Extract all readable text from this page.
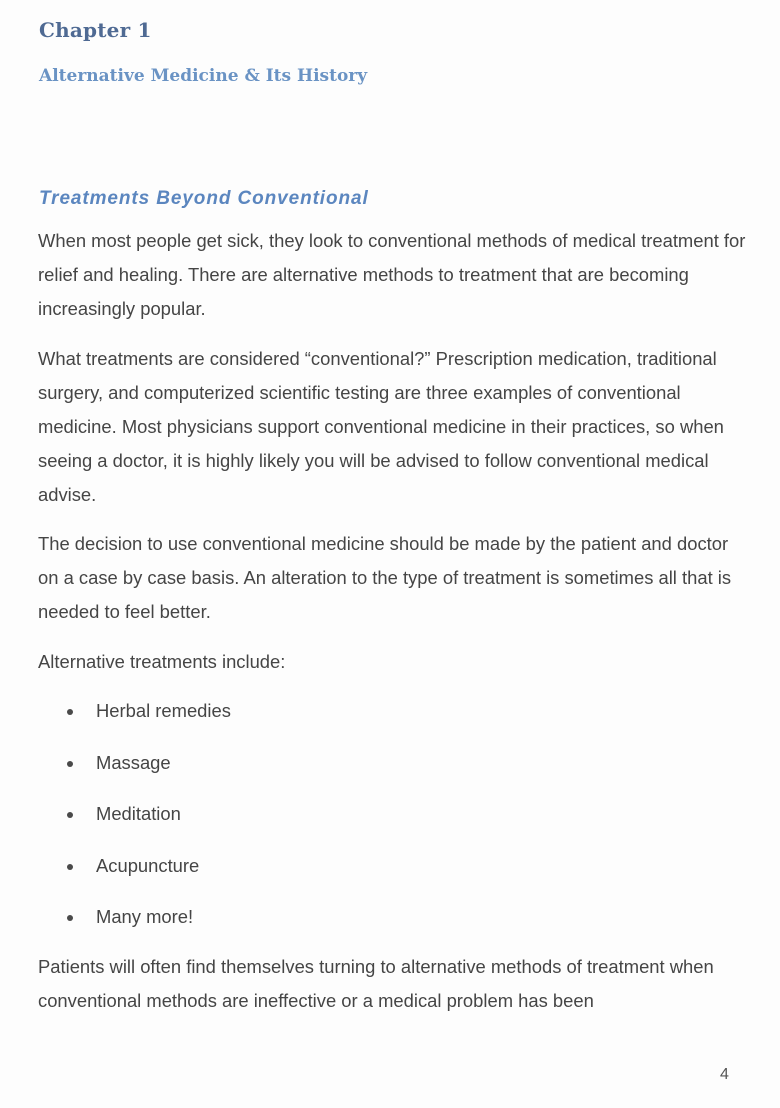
Chapter 1
Alternative Medicine & Its History
Treatments Beyond Conventional
When most people get sick, they look to conventional methods of medical treatment for relief and healing. There are alternative methods to treatment that are becoming increasingly popular.
What treatments are considered “conventional?” Prescription medication, traditional surgery, and computerized scientific testing are three examples of conventional medicine. Most physicians support conventional medicine in their practices, so when seeing a doctor, it is highly likely you will be advised to follow conventional medical advise.
The decision to use conventional medicine should be made by the patient and doctor on a case by case basis. An alteration to the type of treatment is sometimes all that is needed to feel better.
Alternative treatments include:
Herbal remedies
Massage
Meditation
Acupuncture
Many more!
Patients will often find themselves turning to alternative methods of treatment when conventional methods are ineffective or a medical problem has been
4
